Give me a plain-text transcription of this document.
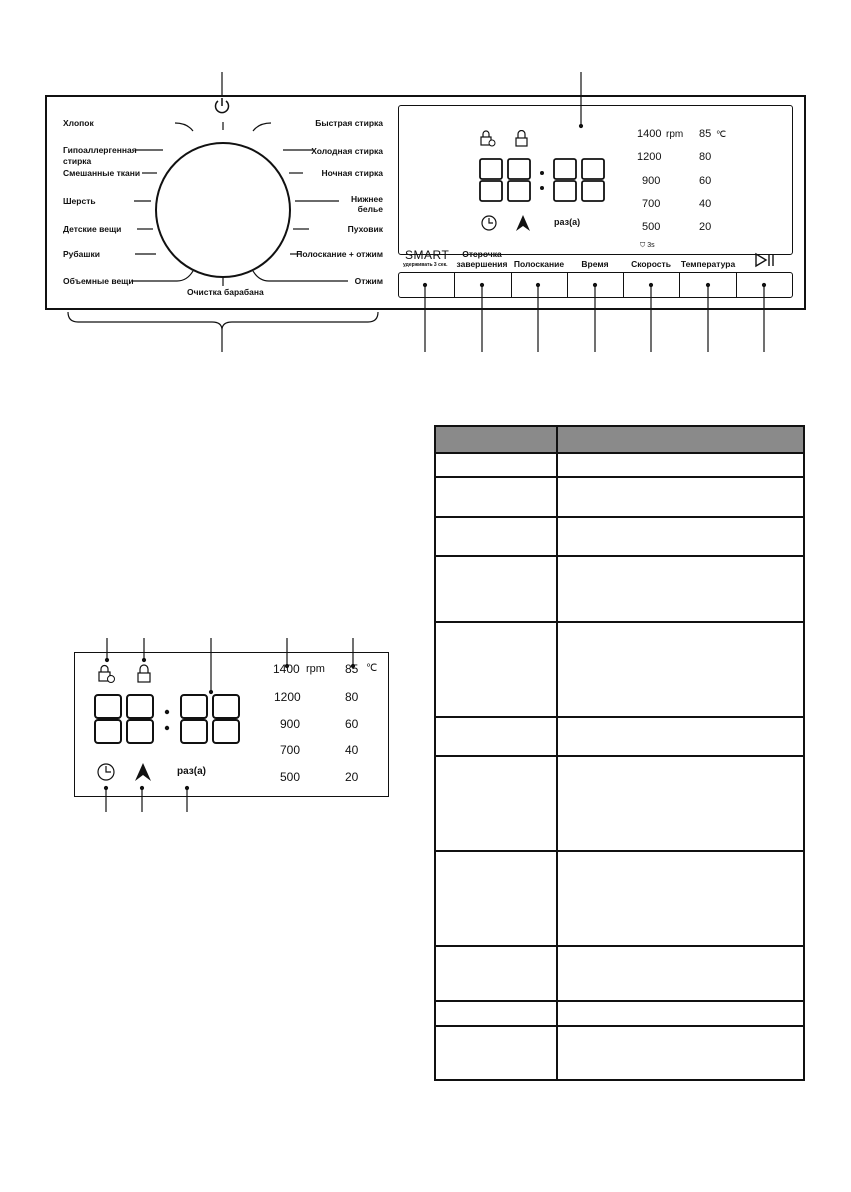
Хлопок
Гипоаллергенная
стирка
Смешанные ткани
Шерсть
Детские вещи
Рубашки
Объемные вещи
Очистка барабана
Быстрая стирка
Холодная стирка
Ночная стирка
Нижнее
белье
Пуховик
Полоскание + отжим
Отжим
раз(а)
1400 rpm
1200
900
700
500
85 ℃
80
60
40
20
⛉ 3s
SMART
удерживать 3 сек.
Отсрочка
завершения Полоскание	Время	Скорость	Температура
раз(а)
1400 rpm
1200
900
700
500
85 ℃
80
60
40
20
